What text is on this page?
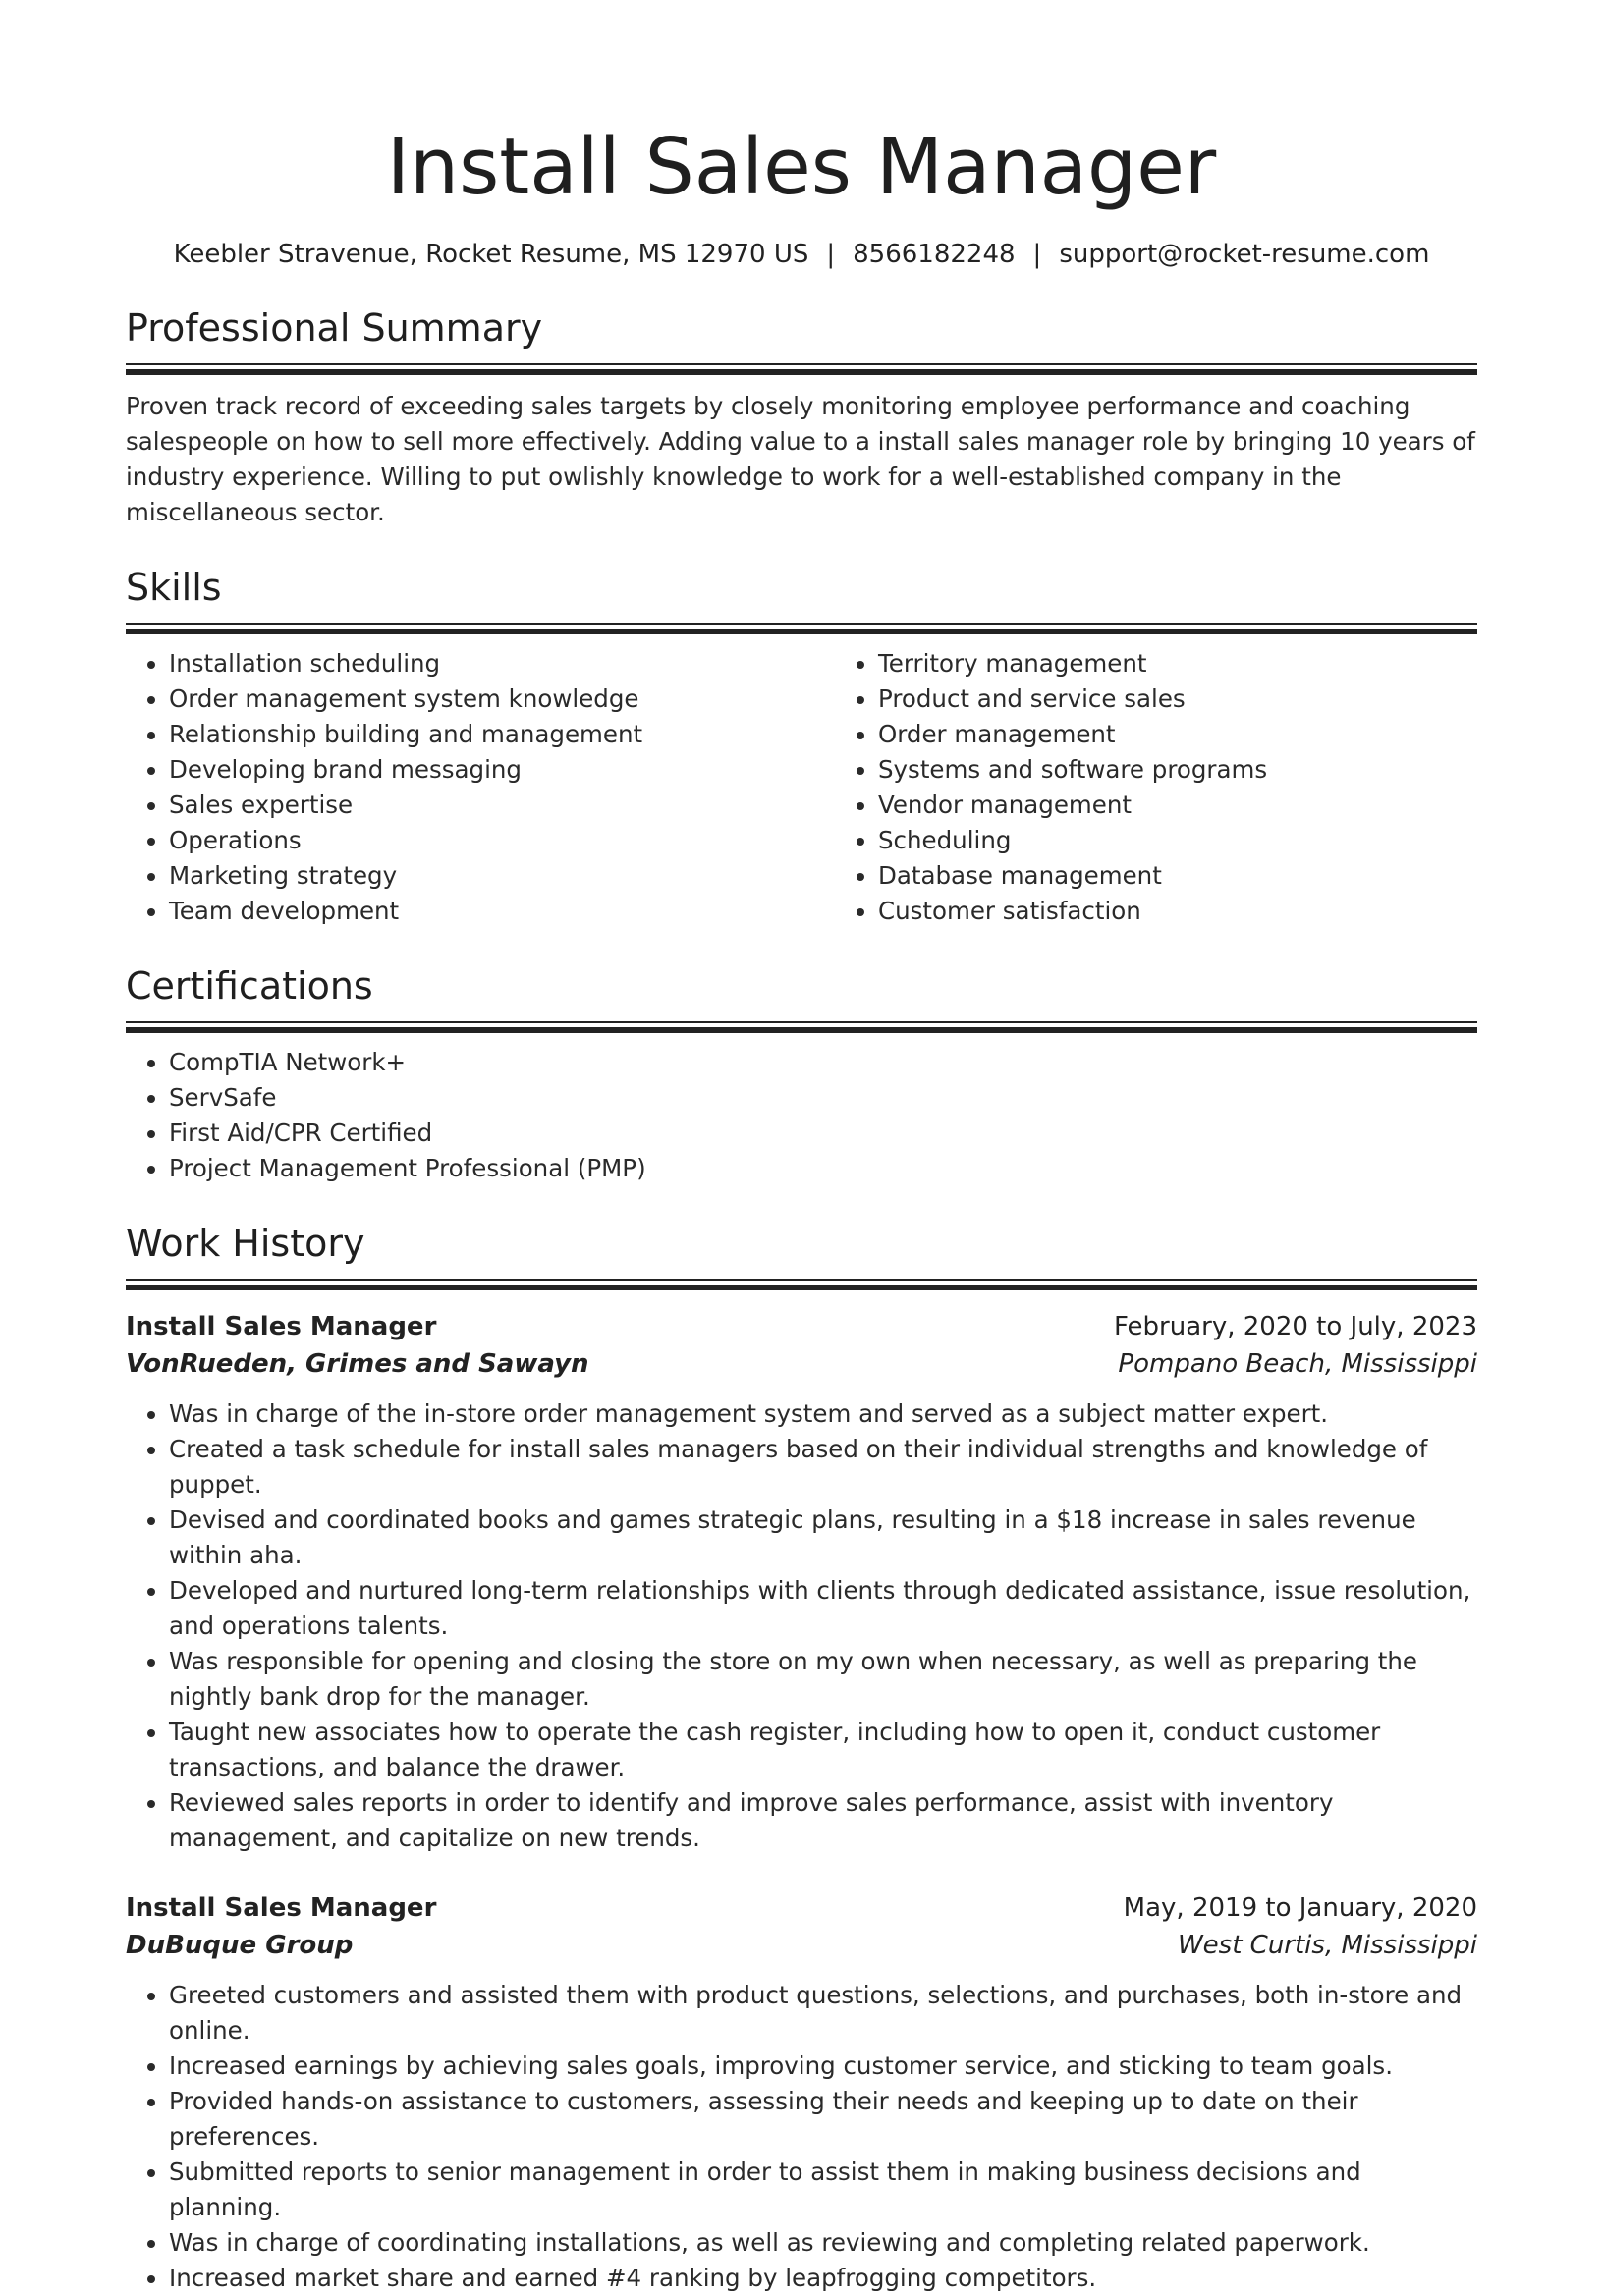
Install Sales Manager
Keebler Stravenue, Rocket Resume, MS 12970 US | 8566182248 | support@rocket-resume.com
Professional Summary
Proven track record of exceeding sales targets by closely monitoring employee performance and coaching salespeople on how to sell more effectively. Adding value to a install sales manager role by bringing 10 years of industry experience. Willing to put owlishly knowledge to work for a well-established company in the miscellaneous sector.
Skills
• Installation scheduling
• Order management system knowledge
• Relationship building and management
• Developing brand messaging
• Sales expertise
• Operations
• Marketing strategy
• Team development
• Territory management
• Product and service sales
• Order management
• Systems and software programs
• Vendor management
• Scheduling
• Database management
• Customer satisfaction
Certifications
• CompTIA Network+
• ServSafe
• First Aid/CPR Certified
• Project Management Professional (PMP)
Work History
Install Sales Manager	February, 2020 to July, 2023
VonRueden, Grimes and Sawayn	Pompano Beach, Mississippi
• Was in charge of the in-store order management system and served as a subject matter expert.
• Created a task schedule for install sales managers based on their individual strengths and knowledge of puppet.
• Devised and coordinated books and games strategic plans, resulting in a $18 increase in sales revenue within aha.
• Developed and nurtured long-term relationships with clients through dedicated assistance, issue resolution, and operations talents.
• Was responsible for opening and closing the store on my own when necessary, as well as preparing the nightly bank drop for the manager.
• Taught new associates how to operate the cash register, including how to open it, conduct customer transactions, and balance the drawer.
• Reviewed sales reports in order to identify and improve sales performance, assist with inventory management, and capitalize on new trends.
Install Sales Manager	May, 2019 to January, 2020
DuBuque Group	West Curtis, Mississippi
• Greeted customers and assisted them with product questions, selections, and purchases, both in-store and online.
• Increased earnings by achieving sales goals, improving customer service, and sticking to team goals.
• Provided hands-on assistance to customers, assessing their needs and keeping up to date on their preferences.
• Submitted reports to senior management in order to assist them in making business decisions and planning.
• Was in charge of coordinating installations, as well as reviewing and completing related paperwork.
• Increased market share and earned #4 ranking by leapfrogging competitors.
